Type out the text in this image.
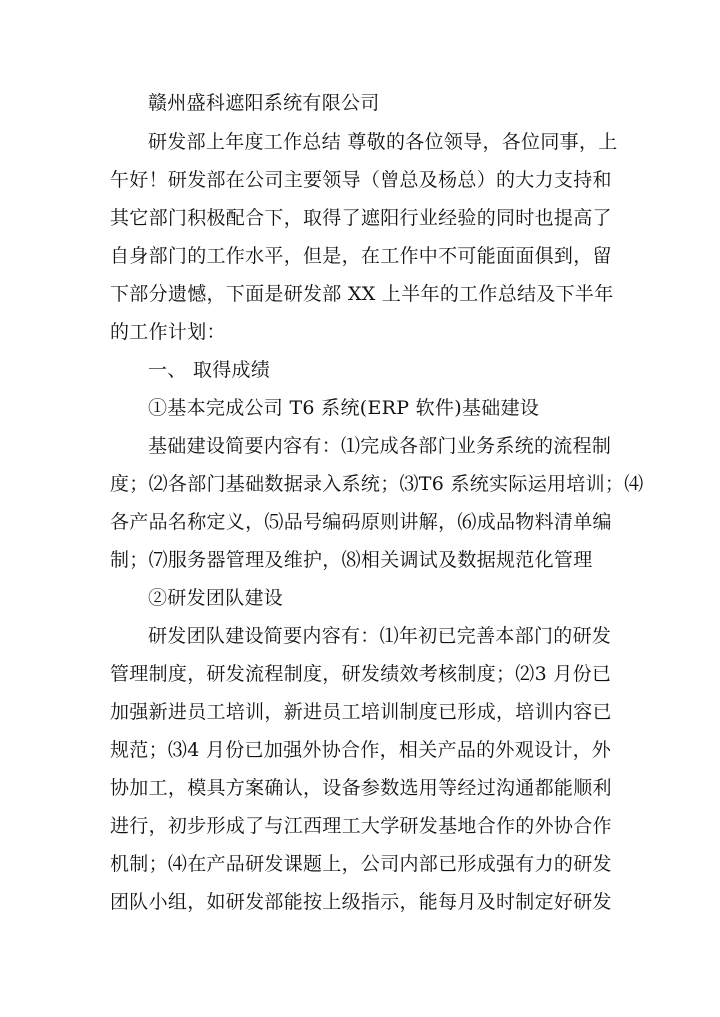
赣州盛科遮阳系统有限公司
研发部上年度工作总结 尊敬的各位领导，各位同事，上
午好！研发部在公司主要领导（曾总及杨总）的大力支持和
其它部门积极配合下，取得了遮阳行业经验的同时也提高了
自身部门的工作水平，但是，在工作中不可能面面俱到，留
下部分遗憾，下面是研发部 XX 上半年的工作总结及下半年
的工作计划：
一、 取得成绩
①基本完成公司 T6 系统(ERP 软件)基础建设
基础建设简要内容有：⑴完成各部门业务系统的流程制
度；⑵各部门基础数据录入系统；⑶T6 系统实际运用培训；⑷
各产品名称定义，⑸品号编码原则讲解，⑹成品物料清单编
制；⑺服务器管理及维护，⑻相关调试及数据规范化管理
②研发团队建设
研发团队建设简要内容有：⑴年初已完善本部门的研发
管理制度，研发流程制度，研发绩效考核制度；⑵3 月份已
加强新进员工培训，新进员工培训制度已形成，培训内容已
规范；⑶4 月份已加强外协合作，相关产品的外观设计，外
协加工，模具方案确认，设备参数选用等经过沟通都能顺利
进行，初步形成了与江西理工大学研发基地合作的外协合作
机制；⑷在产品研发课题上，公司内部已形成强有力的研发
团队小组，如研发部能按上级指示，能每月及时制定好研发
